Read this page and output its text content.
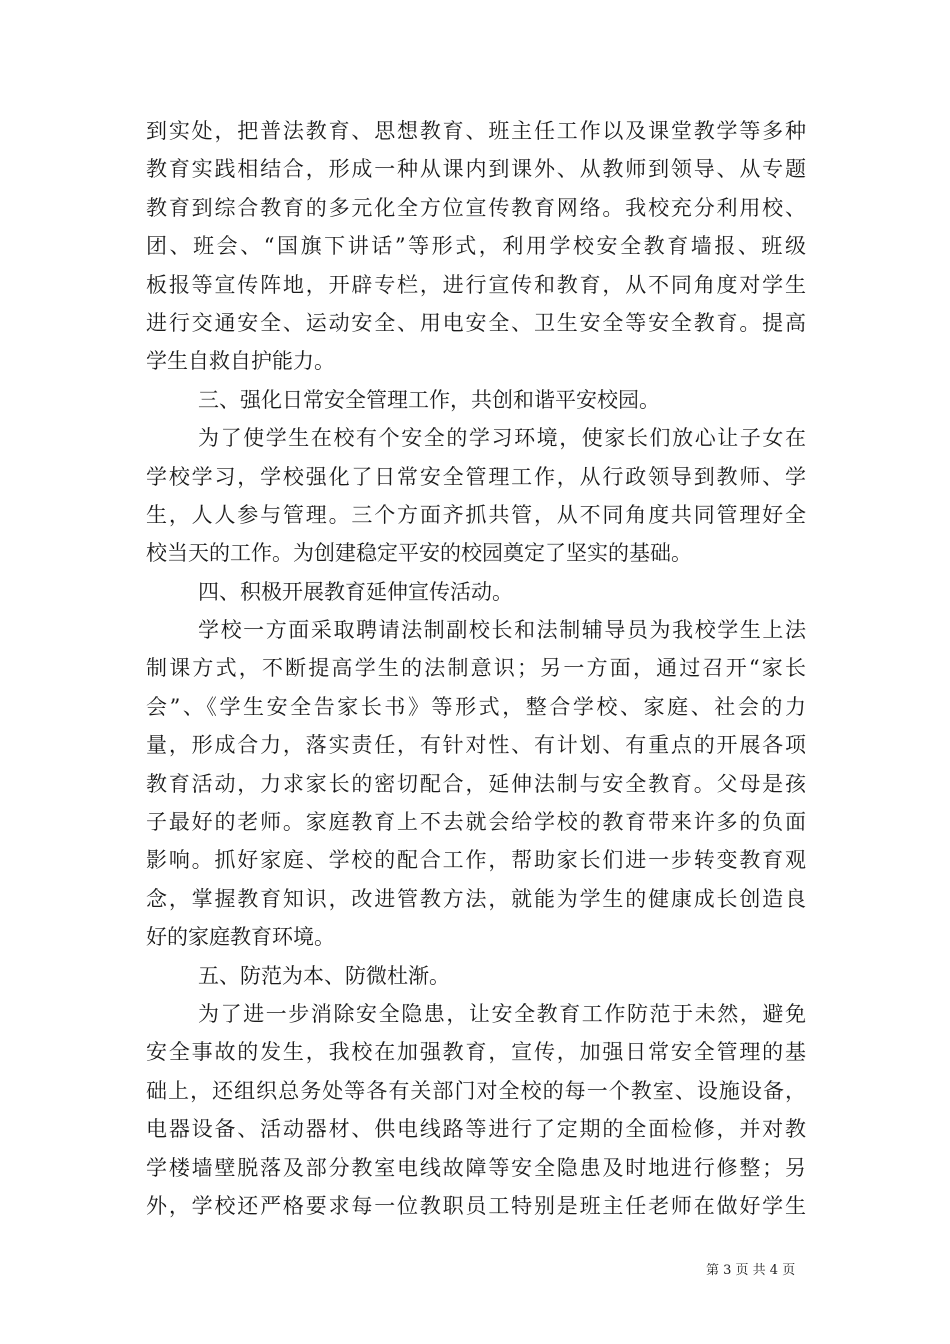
到实处，把普法教育、思想教育、班主任工作以及课堂教学等多种
教育实践相结合，形成一种从课内到课外、从教师到领导、从专题
教育到综合教育的多元化全方位宣传教育网络。我校充分利用校、
团、班会、“国旗下讲话”等形式，利用学校安全教育墙报、班级
板报等宣传阵地，开辟专栏，进行宣传和教育，从不同角度对学生
进行交通安全、运动安全、用电安全、卫生安全等安全教育。提高
学生自救自护能力。
三、强化日常安全管理工作，共创和谐平安校园。
为了使学生在校有个安全的学习环境，使家长们放心让子女在
学校学习，学校强化了日常安全管理工作，从行政领导到教师、学
生，人人参与管理。三个方面齐抓共管，从不同角度共同管理好全
校当天的工作。为创建稳定平安的校园奠定了坚实的基础。
四、积极开展教育延伸宣传活动。
学校一方面采取聘请法制副校长和法制辅导员为我校学生上法
制课方式，不断提高学生的法制意识；另一方面，通过召开“家长
会”、《学生安全告家长书》等形式，整合学校、家庭、社会的力
量，形成合力，落实责任，有针对性、有计划、有重点的开展各项
教育活动，力求家长的密切配合，延伸法制与安全教育。父母是孩
子最好的老师。家庭教育上不去就会给学校的教育带来许多的负面
影响。抓好家庭、学校的配合工作，帮助家长们进一步转变教育观
念，掌握教育知识，改进管教方法，就能为学生的健康成长创造良
好的家庭教育环境。
五、防范为本、防微杜渐。
为了进一步消除安全隐患，让安全教育工作防范于未然，避免
安全事故的发生，我校在加强教育，宣传，加强日常安全管理的基
础上，还组织总务处等各有关部门对全校的每一个教室、设施设备，
电器设备、活动器材、供电线路等进行了定期的全面检修，并对教
学楼墙壁脱落及部分教室电线故障等安全隐患及时地进行修整；另
外，学校还严格要求每一位教职员工特别是班主任老师在做好学生
第 3 页 共 4 页
